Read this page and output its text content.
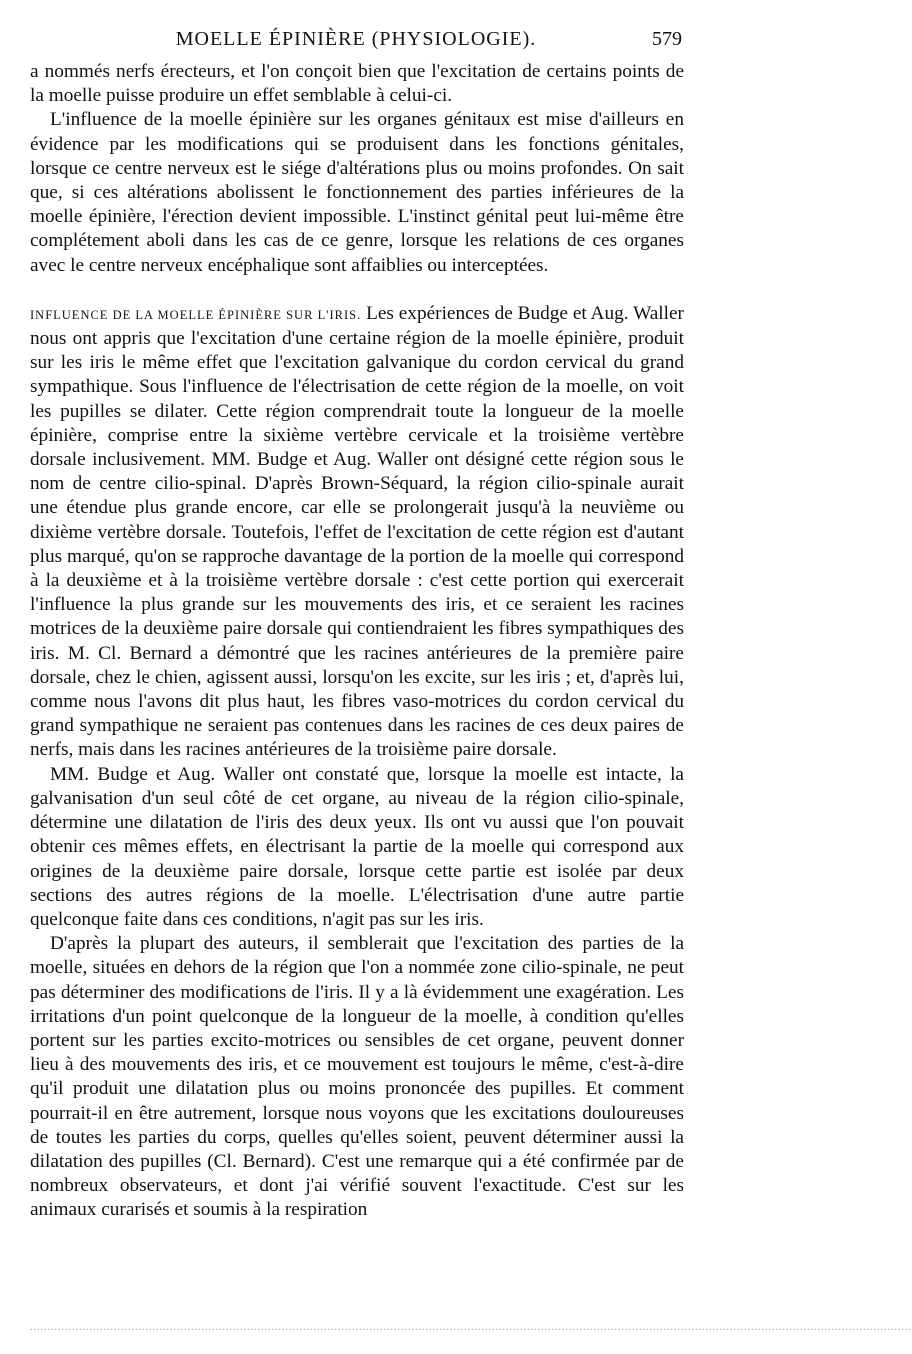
MOELLE ÉPINIÈRE (PHYSIOLOGIE).	579

a nommés nerfs érecteurs, et l'on conçoit bien que l'excitation de certains points de la moelle puisse produire un effet semblable à celui-ci.

L'influence de la moelle épinière sur les organes génitaux est mise d'ailleurs en évidence par les modifications qui se produisent dans les fonctions génitales, lorsque ce centre nerveux est le siége d'altérations plus ou moins profondes. On sait que, si ces altérations abolissent le fonctionnement des parties inférieures de la moelle épinière, l'érection devient impossible. L'instinct génital peut lui-même être complétement aboli dans les cas de ce genre, lorsque les relations de ces organes avec le centre nerveux encéphalique sont affaiblies ou interceptées.

INFLUENCE DE LA MOELLE ÉPINIÈRE SUR L'IRIS. Les expériences de Budge et Aug. Waller nous ont appris que l'excitation d'une certaine région de la moelle épinière, produit sur les iris le même effet que l'excitation galvanique du cordon cervical du grand sympathique. Sous l'influence de l'électrisation de cette région de la moelle, on voit les pupilles se dilater. Cette région comprendrait toute la longueur de la moelle épinière, comprise entre la sixième vertèbre cervicale et la troisième vertèbre dorsale inclusivement. MM. Budge et Aug. Waller ont désigné cette région sous le nom de centre cilio-spinal. D'après Brown-Séquard, la région cilio-spinale aurait une étendue plus grande encore, car elle se prolongerait jusqu'à la neuvième ou dixième vertèbre dorsale. Toutefois, l'effet de l'excitation de cette région est d'autant plus marqué, qu'on se rapproche davantage de la portion de la moelle qui correspond à la deuxième et à la troisième vertèbre dorsale : c'est cette portion qui exercerait l'influence la plus grande sur les mouvements des iris, et ce seraient les racines motrices de la deuxième paire dorsale qui contiendraient les fibres sympathiques des iris. M. Cl. Bernard a démontré que les racines antérieures de la première paire dorsale, chez le chien, agissent aussi, lorsqu'on les excite, sur les iris ; et, d'après lui, comme nous l'avons dit plus haut, les fibres vaso-motrices du cordon cervical du grand sympathique ne seraient pas contenues dans les racines de ces deux paires de nerfs, mais dans les racines antérieures de la troisième paire dorsale.

MM. Budge et Aug. Waller ont constaté que, lorsque la moelle est intacte, la galvanisation d'un seul côté de cet organe, au niveau de la région cilio-spinale, détermine une dilatation de l'iris des deux yeux. Ils ont vu aussi que l'on pouvait obtenir ces mêmes effets, en électrisant la partie de la moelle qui correspond aux origines de la deuxième paire dorsale, lorsque cette partie est isolée par deux sections des autres régions de la moelle. L'électrisation d'une autre partie quelconque faite dans ces conditions, n'agit pas sur les iris.

D'après la plupart des auteurs, il semblerait que l'excitation des parties de la moelle, situées en dehors de la région que l'on a nommée zone cilio-spinale, ne peut pas déterminer des modifications de l'iris. Il y a là évidemment une exagération. Les irritations d'un point quelconque de la longueur de la moelle, à condition qu'elles portent sur les parties excito-motrices ou sensibles de cet organe, peuvent donner lieu à des mouvements des iris, et ce mouvement est toujours le même, c'est-à-dire qu'il produit une dilatation plus ou moins prononcée des pupilles. Et comment pourrait-il en être autrement, lorsque nous voyons que les excitations douloureuses de toutes les parties du corps, quelles qu'elles soient, peuvent déterminer aussi la dilatation des pupilles (Cl. Bernard). C'est une remarque qui a été confirmée par de nombreux observateurs, et dont j'ai vérifié souvent l'exactitude. C'est sur les animaux curarisés et soumis à la respiration

............................................................................................................................................................................................................................................................
